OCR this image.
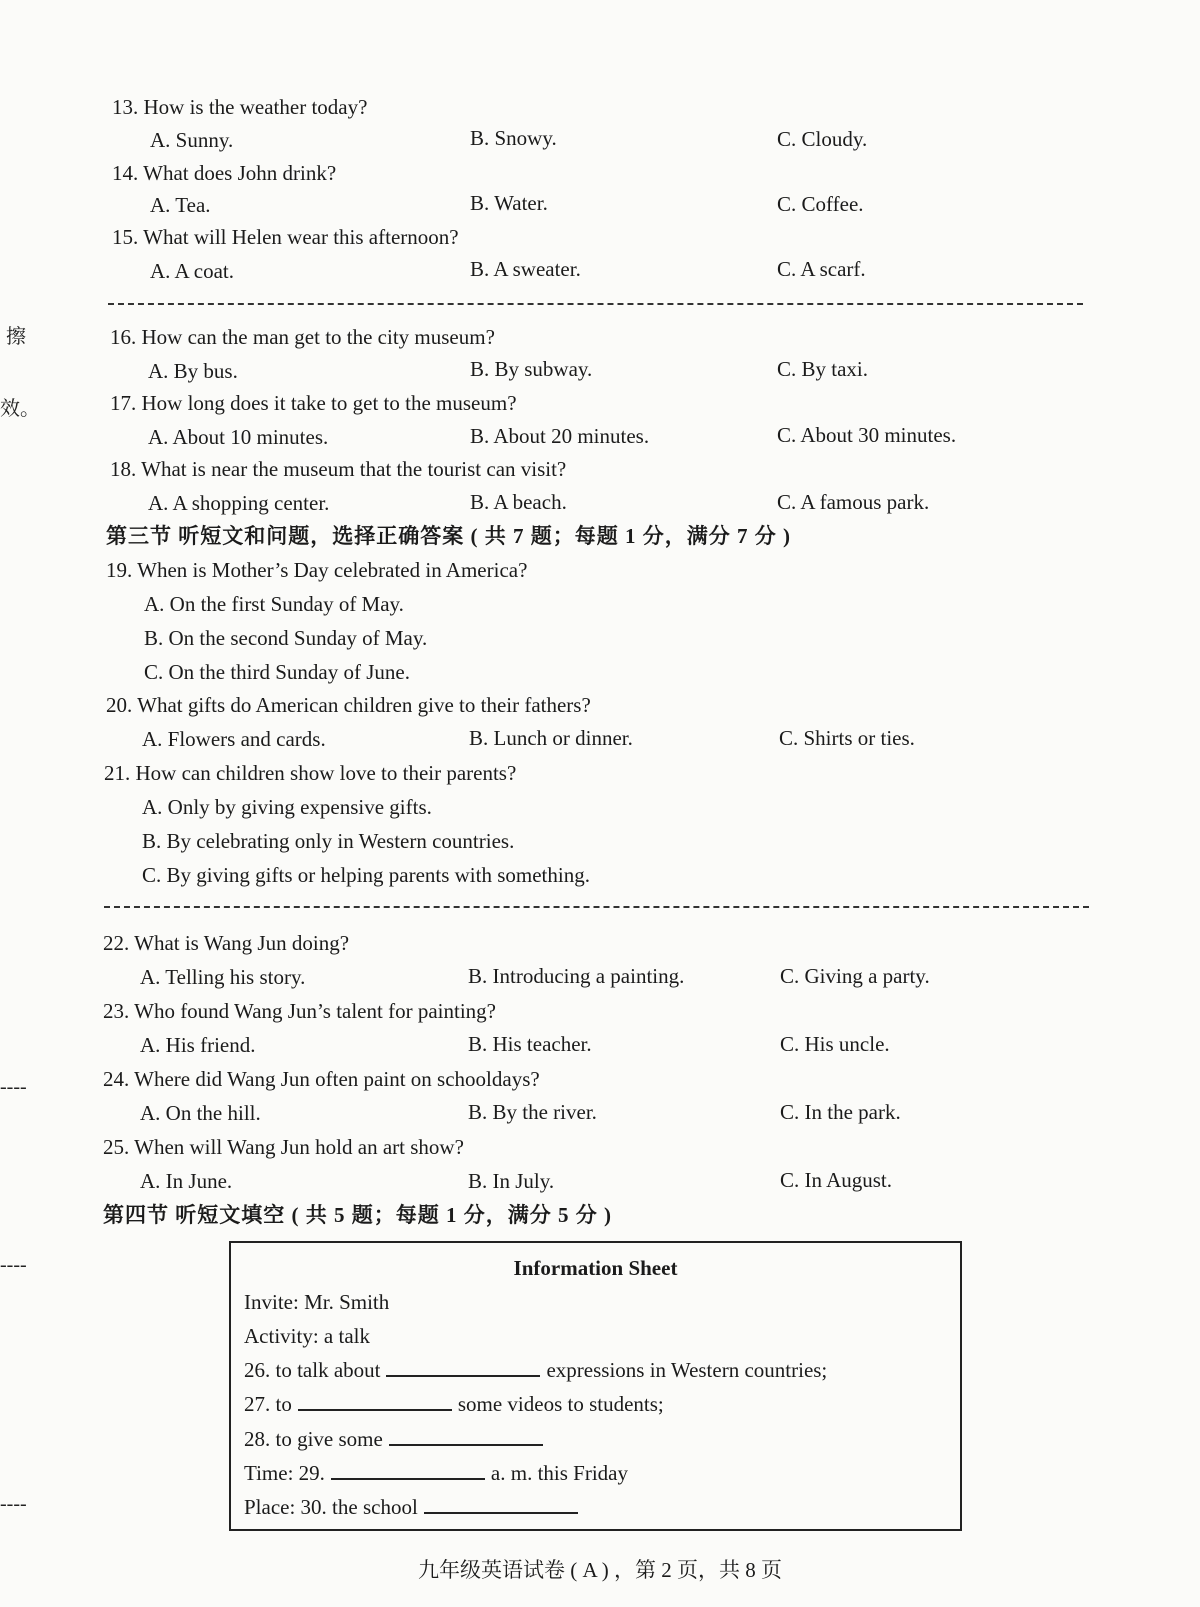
擦
效。
----
----
----
13. How is the weather today?
A. Sunny.	B. Snowy.	C. Cloudy.
14. What does John drink?
A. Tea.	B. Water.	C. Coffee.
15. What will Helen wear this afternoon?
A. A coat.	B. A sweater.	C. A scarf.
16. How can the man get to the city museum?
A. By bus.	B. By subway.	C. By taxi.
17. How long does it take to get to the museum?
A. About 10 minutes.	B. About 20 minutes.	C. About 30 minutes.
18. What is near the museum that the tourist can visit?
A. A shopping center.	B. A beach.	C. A famous park.
第三节 听短文和问题，选择正确答案 ( 共 7 题；每题 1 分，满分 7 分 )
19. When is Mother’s Day celebrated in America?
A. On the first Sunday of May.
B. On the second Sunday of May.
C. On the third Sunday of June.
20. What gifts do American children give to their fathers?
A. Flowers and cards.	B. Lunch or dinner.	C. Shirts or ties.
21. How can children show love to their parents?
A. Only by giving expensive gifts.
B. By celebrating only in Western countries.
C. By giving gifts or helping parents with something.
22. What is Wang Jun doing?
A. Telling his story.	B. Introducing a painting.	C. Giving a party.
23. Who found Wang Jun’s talent for painting?
A. His friend.	B. His teacher.	C. His uncle.
24. Where did Wang Jun often paint on schooldays?
A. On the hill.	B. By the river.	C. In the park.
25. When will Wang Jun hold an art show?
A. In June.	B. In July.	C. In August.
第四节 听短文填空 ( 共 5 题；每题 1 分，满分 5 分 )
Information Sheet
Invite: Mr. Smith
Activity: a talk
26. to talk about	expressions in Western countries;
27. to	some videos to students;
28. to give some
Time: 29.	a. m. this Friday
Place: 30. the school
九年级英语试卷 ( A ) ，第 2 页，共 8 页
